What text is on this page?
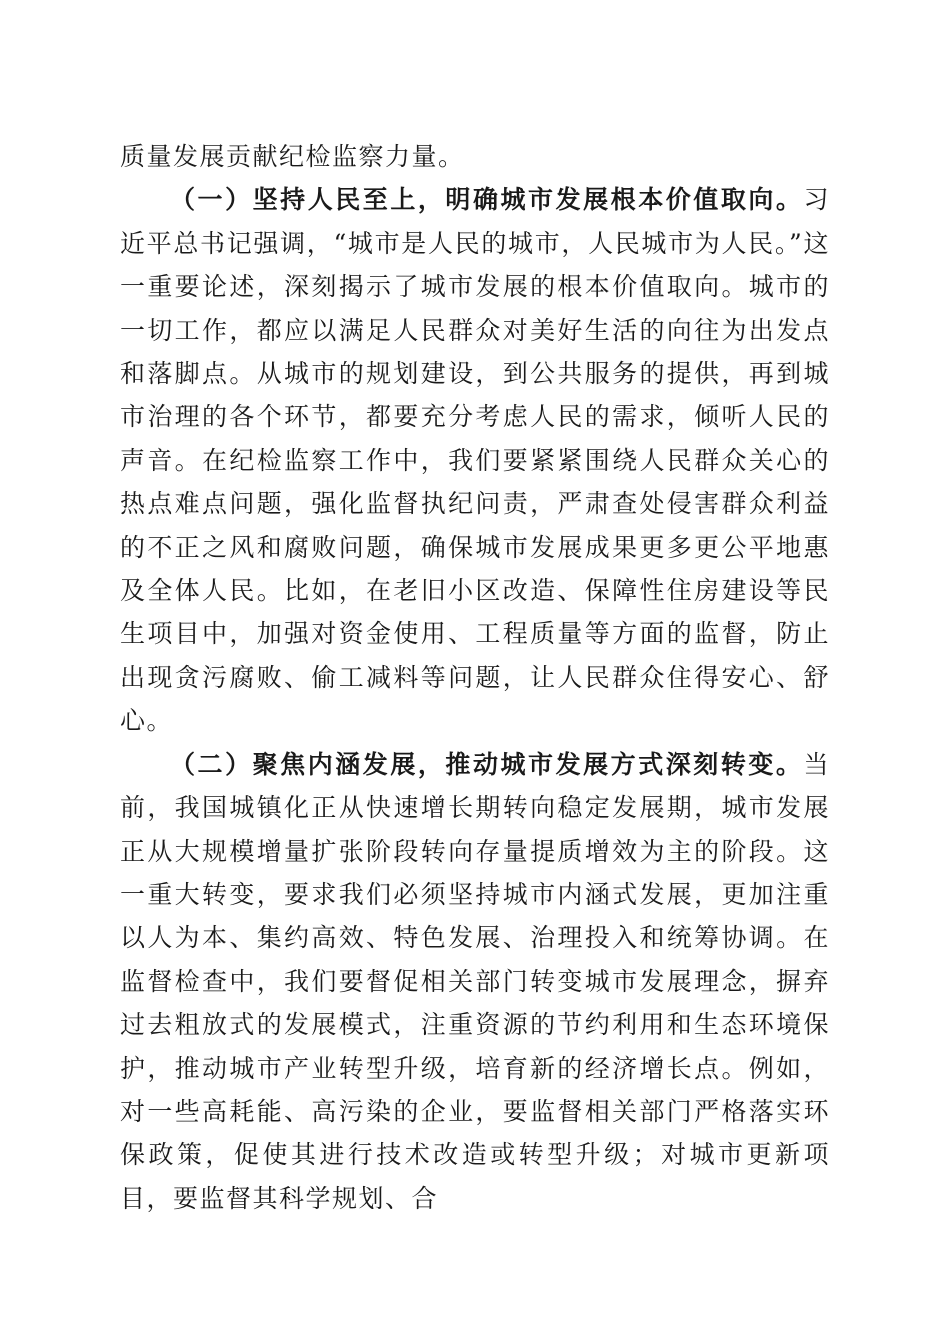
质量发展贡献纪检监察力量。

（一）坚持人民至上，明确城市发展根本价值取向。习近平总书记强调，“城市是人民的城市，人民城市为人民。”这一重要论述，深刻揭示了城市发展的根本价值取向。城市的一切工作，都应以满足人民群众对美好生活的向往为出发点和落脚点。从城市的规划建设，到公共服务的提供，再到城市治理的各个环节，都要充分考虑人民的需求，倾听人民的声音。在纪检监察工作中，我们要紧紧围绕人民群众关心的热点难点问题，强化监督执纪问责，严肃查处侵害群众利益的不正之风和腐败问题，确保城市发展成果更多更公平地惠及全体人民。比如，在老旧小区改造、保障性住房建设等民生项目中，加强对资金使用、工程质量等方面的监督，防止出现贪污腐败、偷工减料等问题，让人民群众住得安心、舒心。

（二）聚焦内涵发展，推动城市发展方式深刻转变。当前，我国城镇化正从快速增长期转向稳定发展期，城市发展正从大规模增量扩张阶段转向存量提质增效为主的阶段。这一重大转变，要求我们必须坚持城市内涵式发展，更加注重以人为本、集约高效、特色发展、治理投入和统筹协调。在监督检查中，我们要督促相关部门转变城市发展理念，摒弃过去粗放式的发展模式，注重资源的节约利用和生态环境保护，推动城市产业转型升级，培育新的经济增长点。例如，对一些高耗能、高污染的企业，要监督相关部门严格落实环保政策，促使其进行技术改造或转型升级；对城市更新项目，要监督其科学规划、合
